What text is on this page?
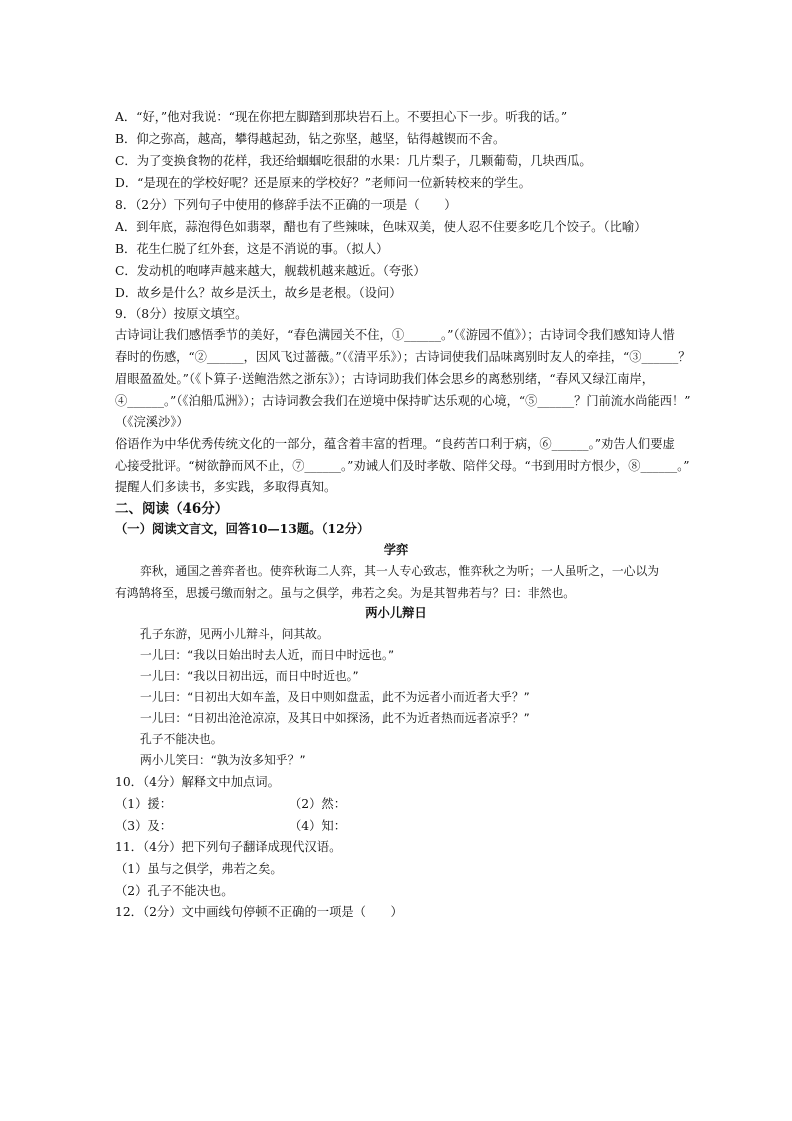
A．“好，”他对我说：“现在你把左脚踏到那块岩石上。不要担心下一步。听我的话。”
B．仰之弥高，越高，攀得越起劲，钻之弥坚，越坚，钻得越锲而不舍。
C．为了变换食物的花样，我还给蝈蝈吃很甜的水果：几片梨子，几颗葡萄，几块西瓜。
D．“是现在的学校好呢？还是原来的学校好？”老师问一位新转校来的学生。
8．（2分）下列句子中使用的修辞手法不正确的一项是（　　）
A．到年底，蒜泡得色如翡翠，醋也有了些辣味，色味双美，使人忍不住要多吃几个饺子。（比喻）
B．花生仁脱了红外套，这是不消说的事。（拟人）
C．发动机的咆哮声越来越大，舰载机越来越近。（夸张）
D．故乡是什么？故乡是沃土，故乡是老根。（设问）
9．（8分）按原文填空。
古诗词让我们感悟季节的美好，“春色满园关不住，①______。”（《游园不值》）；古诗词令我们感知诗人惜
春时的伤感，“②______，因风飞过蔷薇。”（《清平乐》）；古诗词使我们品味离别时友人的牵挂，“③______？
眉眼盈盈处。”（《卜算子·送鲍浩然之浙东》）；古诗词助我们体会思乡的离愁别绪，“春风又绿江南岸，
④______。”（《泊船瓜洲》）；古诗词教会我们在逆境中保持旷达乐观的心境，“⑤______？门前流水尚能西！”
（《浣溪沙》）
俗语作为中华优秀传统文化的一部分，蕴含着丰富的哲理。“良药苦口利于病，⑥______。”劝告人们要虚
心接受批评。“树欲静而风不止，⑦______。”劝诫人们及时孝敬、陪伴父母。“书到用时方恨少，⑧______。”
提醒人们多读书，多实践，多取得真知。
二、阅读（46分）
（一）阅读文言文，回答10—13题。（12分）
学弈
弈秋，通国之善弈者也。使弈秋诲二人弈，其一人专心致志，惟弈秋之为听；一人虽听之，一心以为
有鸿鹄将至，思援弓缴而射之。虽与之俱学，弗若之矣。为是其智弗若与？曰：非然也。
两小儿辩日
孔子东游，见两小儿辩斗，问其故。
一儿曰：“我以日始出时去人近，而日中时远也。”
一儿曰：“我以日初出远，而日中时近也。”
一儿曰：“日初出大如车盖，及日中则如盘盂，此不为远者小而近者大乎？”
一儿曰：“日初出沧沧凉凉，及其日中如探汤，此不为近者热而远者凉乎？”
孔子不能决也。
两小儿笑曰：“孰为汝多知乎？”
10．（4分）解释文中加点词。
（1）援：	（2）然：
（3）及：	（4）知：
11．（4分）把下列句子翻译成现代汉语。
（1）虽与之俱学，弗若之矣。
（2）孔子不能决也。
12．（2分）文中画线句停顿不正确的一项是（　　）
